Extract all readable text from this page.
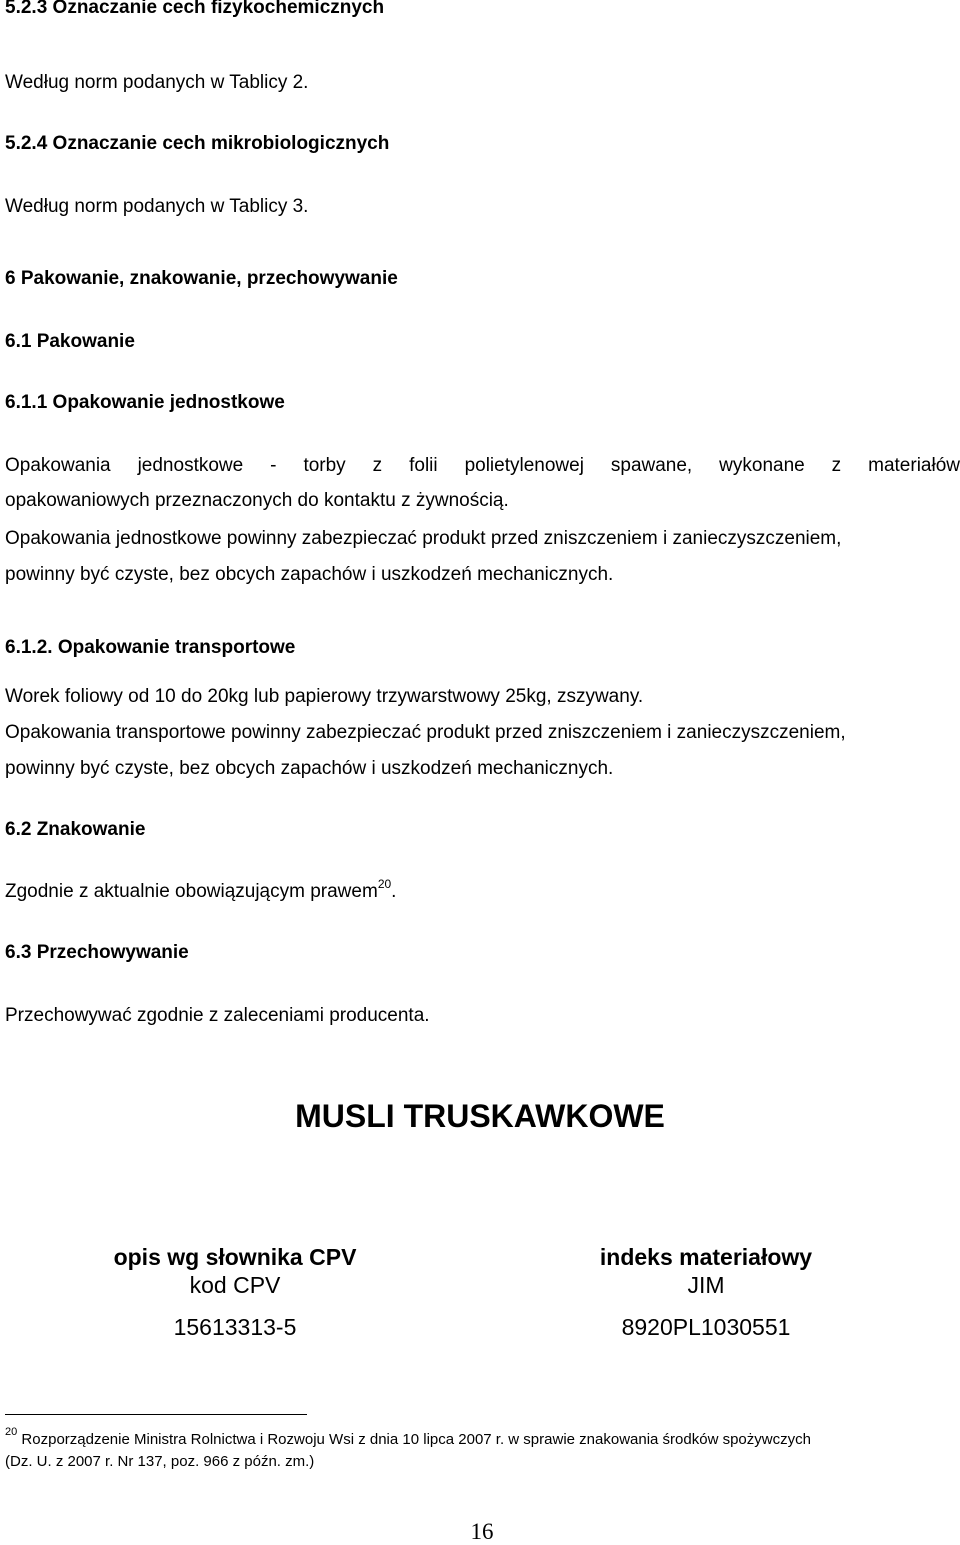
5.2.3 Oznaczanie cech fizykochemicznych

Według norm podanych w Tablicy 2.

5.2.4 Oznaczanie cech mikrobiologicznych

Według norm podanych w Tablicy 3.

6 Pakowanie, znakowanie, przechowywanie

6.1 Pakowanie

6.1.1 Opakowanie jednostkowe

Opakowania jednostkowe - torby z folii polietylenowej spawane, wykonane z materiałów

opakowaniowych przeznaczonych do kontaktu z żywnością.

Opakowania jednostkowe powinny zabezpieczać produkt przed zniszczeniem i zanieczyszczeniem,

powinny być czyste, bez obcych zapachów i uszkodzeń mechanicznych.

6.1.2. Opakowanie transportowe

Worek foliowy od 10 do 20kg lub papierowy trzywarstwowy 25kg, zszywany.

Opakowania transportowe powinny zabezpieczać produkt przed zniszczeniem i zanieczyszczeniem,

powinny być czyste, bez obcych zapachów i uszkodzeń mechanicznych.

6.2 Znakowanie

Zgodnie z aktualnie obowiązującym prawem$^{20}$.

6.3 Przechowywanie

Przechowywać zgodnie z zaleceniami producenta.

MUSLI TRUSKAWKOWE
opis wg słownika CPV
kod CPV
15613313-5
indeks materiałowy
JIM
8920PL1030551
$^{20}$ Rozporządzenie Ministra Rolnictwa i Rozwoju Wsi z dnia 10 lipca 2007 r. w sprawie znakowania środków spożywczych
(Dz. U. z 2007 r. Nr 137, poz. 966 z późn. zm.)
16
